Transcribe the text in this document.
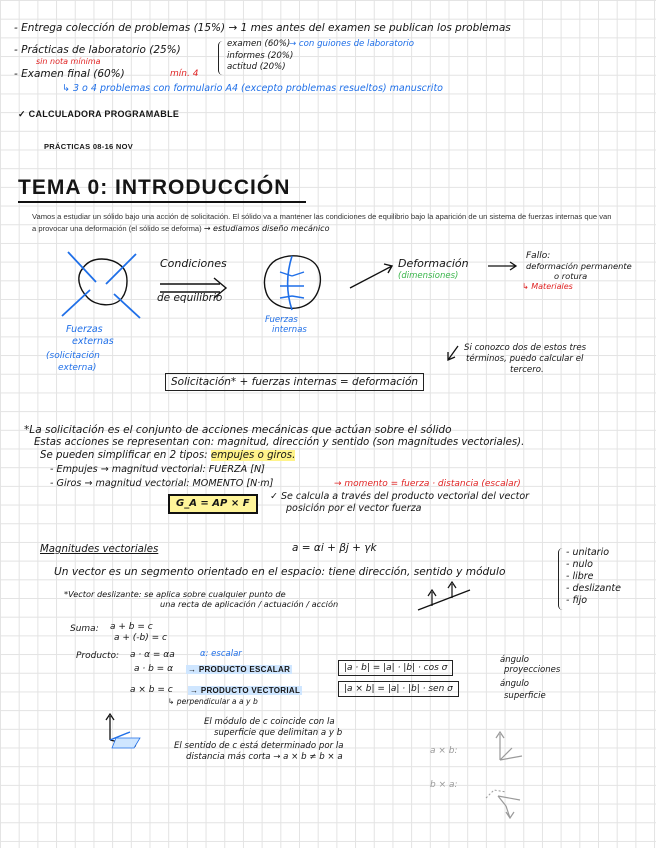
- Entrega colección de problemas (15%) → 1 mes antes del examen se publican los problemas
- Prácticas de laboratorio (25%)
sin nota mínima
examen (60%)
informes (20%)
actitud (20%)
→ con guiones de laboratorio
- Examen final (60%)	mín. 4
↳ 3 o 4 problemas con formulario A4 (excepto problemas resueltos) manuscrito
✓ CALCULADORA PROGRAMABLE
PRÁCTICAS 08-16 NOV
TEMA 0: INTRODUCCIÓN
Vamos a estudiar un sólido bajo una acción de solicitación. El sólido va a mantener las condiciones de equilibrio bajo la aparición de un sistema de fuerzas internas que van a provocar una deformación (el sólido se deforma) → estudiamos diseño mecánico
Condiciones
de equilibrio
Fuerzas
externas
(solicitación
externa)
Fuerzas
internas
Deformación
(dimensiones)
Fallo:
deformación permanente
o rotura
↳ Materiales
Si conozco dos de estos tres
términos, puedo calcular el
tercero.
Solicitación* + fuerzas internas = deformación
*La solicitación es el conjunto de acciones mecánicas que actúan sobre el sólido
Estas acciones se representan con: magnitud, dirección y sentido (son magnitudes vectoriales).
Se pueden simplificar en 2 tipos: empujes o giros.
- Empujes → magnitud vectorial: FUERZA [N]
- Giros → magnitud vectorial: MOMENTO [N·m]	→ momento = fuerza · distancia (escalar)
G_A = AP × F
✓ Se calcula a través del producto vectorial del vector
posición por el vector fuerza
Magnitudes vectoriales	a = αi + βj + γk
Un vector es un segmento orientado en el espacio: tiene dirección, sentido y módulo
- unitario
- nulo
- libre
- deslizante
- fijo
*Vector deslizante: se aplica sobre cualquier punto de
una recta de aplicación / actuación / acción
Suma: a + b = c
a + (-b) = c
Producto: a · α = αa	α: escalar
a · b = α → PRODUCTO ESCALAR	|a · b| = |a| · |b| · cos σ
ángulo
proyecciones
a × b = c → PRODUCTO VECTORIAL	|a × b| = |a| · |b| · sen σ	ángulo
superficie
↳ perpendicular a a y b
El módulo de c coincide con la
superficie que delimitan a y b
El sentido de c está determinado por la
distancia más corta → a × b ≠ b × a
a × b:
b × a:
